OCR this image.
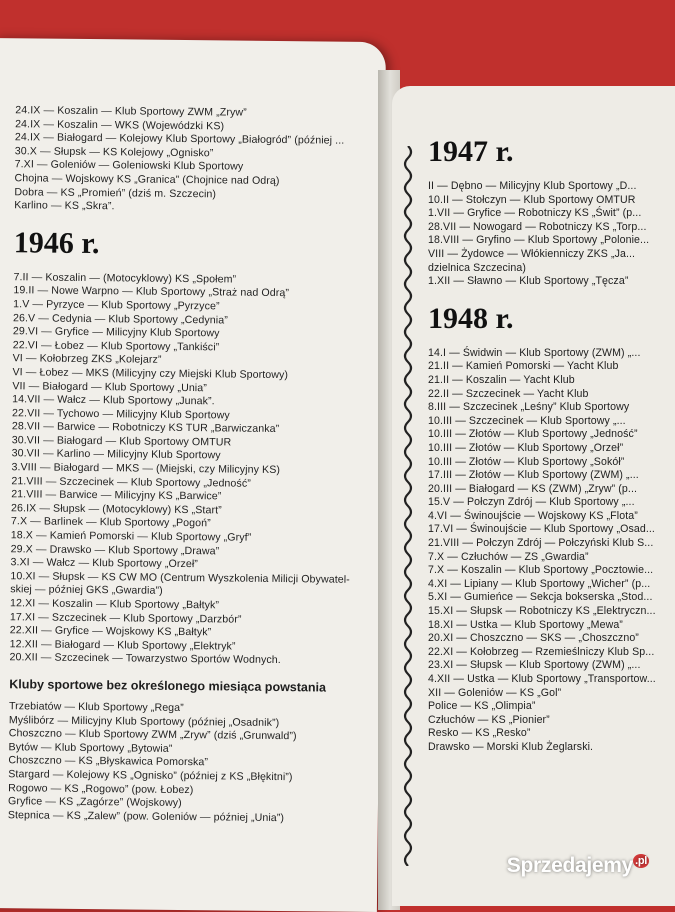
24.IX — Koszalin — Klub Sportowy ZWM „Zryw”
24.IX — Koszalin — WKS (Wojewódzki KS)
24.IX — Białogard — Kolejowy Klub Sportowy „Białogród” (później ...
30.X — Słupsk — KS Kolejowy „Ognisko”
7.XI — Goleniów — Goleniowski Klub Sportowy
Chojna — Wojskowy KS „Granica” (Chojnice nad Odrą)
Dobra — KS „Promień” (dziś m. Szczecin)
Karlino — KS „Skra”.
1946 r.
7.II — Koszalin — (Motocyklowy) KS „Społem”
19.II — Nowe Warpno — Klub Sportowy „Straż nad Odrą”
1.V — Pyrzyce — Klub Sportowy „Pyrzyce”
26.V — Cedynia — Klub Sportowy „Cedynia”
29.VI — Gryfice — Milicyjny Klub Sportowy
22.VI — Łobez — Klub Sportowy „Tankiści”
VI — Kołobrzeg ZKS „Kolejarz”
VI — Łobez — MKS (Milicyjny czy Miejski Klub Sportowy)
VII — Białogard — Klub Sportowy „Unia”
14.VII — Wałcz — Klub Sportowy „Junak”.
22.VII — Tychowo — Milicyjny Klub Sportowy
28.VII — Barwice — Robotniczy KS TUR „Barwiczanka”
30.VII — Białogard — Klub Sportowy OMTUR
30.VII — Karlino — Milicyjny Klub Sportowy
3.VIII — Białogard — MKS — (Miejski, czy Milicyjny KS)
21.VIII — Szczecinek — Klub Sportowy „Jedność”
21.VIII — Barwice — Milicyjny KS „Barwice”
26.IX — Słupsk — (Motocyklowy) KS „Start”
7.X — Barlinek — Klub Sportowy „Pogoń”
18.X — Kamień Pomorski — Klub Sportowy „Gryf”
29.X — Drawsko — Klub Sportowy „Drawa”
3.XI — Wałcz — Klub Sportowy „Orzeł”
10.XI — Słupsk — KS CW MO (Centrum Wyszkolenia Milicji Obywatel-
skiej — później GKS „Gwardia”)
12.XI — Koszalin — Klub Sportowy „Bałtyk”
17.XI — Szczecinek — Klub Sportowy „Darzbór”
22.XII — Gryfice — Wojskowy KS „Bałtyk”
12.XII — Białogard — Klub Sportowy „Elektryk”
20.XII — Szczecinek — Towarzystwo Sportów Wodnych.
Kluby sportowe bez określonego miesiąca powstania
Trzebiatów — Klub Sportowy „Rega”
Myślibórz — Milicyjny Klub Sportowy (później „Osadnik”)
Choszczno — Klub Sportowy ZWM „Zryw” (dziś „Grunwald”)
Bytów — Klub Sportowy „Bytowia”
Choszczno — KS „Błyskawica Pomorska”
Stargard — Kolejowy KS „Ognisko” (później z KS „Błękitni”)
Rogowo — KS „Rogowo” (pow. Łobez)
Gryfice — KS „Zagórze” (Wojskowy)
Stepnica — KS „Zalew” (pow. Goleniów — później „Unia”)
1947 r.
II — Dębno — Milicyjny Klub Sportowy „D...
10.II — Stołczyn — Klub Sportowy OMTUR
1.VII — Gryfice — Robotniczy KS „Świt” (p...
28.VII — Nowogard — Robotniczy KS „Torp...
18.VIII — Gryfino — Klub Sportowy „Polonie...
VIII — Żydowce — Włókienniczy ZKS „Ja...
dzielnica Szczecina)
1.XII — Sławno — Klub Sportowy „Tęcza”
1948 r.
14.I — Świdwin — Klub Sportowy (ZWM) „...
21.II — Kamień Pomorski — Yacht Klub
21.II — Koszalin — Yacht Klub
22.II — Szczecinek — Yacht Klub
8.III — Szczecinek „Leśny” Klub Sportowy
10.III — Szczecinek — Klub Sportowy „...
10.III — Złotów — Klub Sportowy „Jedność”
10.III — Złotów — Klub Sportowy „Orzeł”
10.III — Złotów — Klub Sportowy „Sokół”
17.III — Złotów — Klub Sportowy (ZWM) „...
20.III — Białogard — KS (ZWM) „Zryw” (p...
15.V — Połczyn Zdrój — Klub Sportowy „...
4.VI — Świnoujście — Wojskowy KS „Flota”
17.VI — Świnoujście — Klub Sportowy „Osad...
21.VIII — Połczyn Zdrój — Połczyński Klub S...
7.X — Człuchów — ZS „Gwardia”
7.X — Koszalin — Klub Sportowy „Pocztowie...
4.XI — Lipiany — Klub Sportowy „Wicher” (p...
5.XI — Gumieńce — Sekcja bokserska „Stod...
15.XI — Słupsk — Robotniczy KS „Elektryczn...
18.XI — Ustka — Klub Sportowy „Mewa”
20.XI — Choszczno — SKS — „Choszczno”
22.XI — Kołobrzeg — Rzemieślniczy Klub Sp...
23.XI — Słupsk — Klub Sportowy (ZWM) „...
4.XII — Ustka — Klub Sportowy „Transportow...
XII — Goleniów — KS „Gol”
Police — KS „Olimpia”
Człuchów — KS „Pionier”
Resko — KS „Resko”
Drawsko — Morski Klub Żeglarski.
Sprzedajemy $^{.pl}$
